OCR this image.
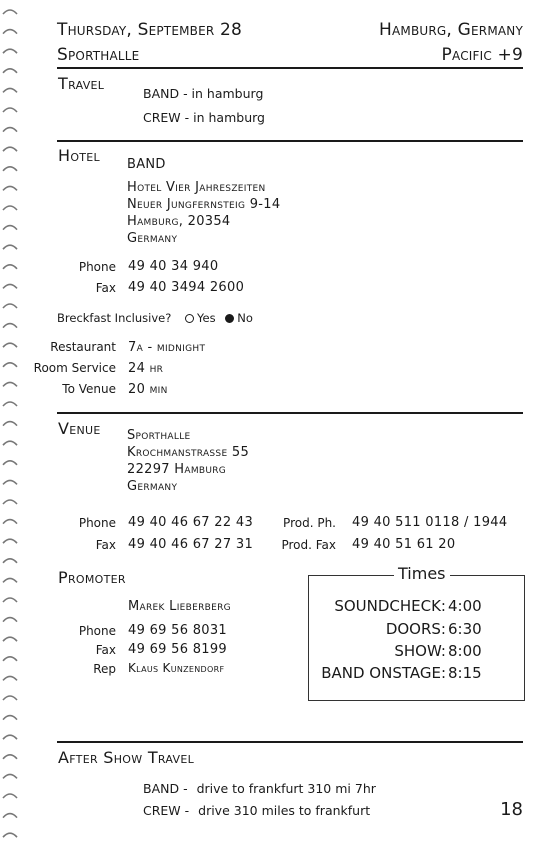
Thursday, September 28	Hamburg, Germany
Sporthalle	Pacific +9
Travel
BAND - in hamburg
CREW - in hamburg
Hotel BAND
Hotel Vier Jahreszeiten
Neuer Jungfernsteig 9-14
Hamburg, 20354
Germany
Phone 49 40 34 940
Fax 49 40 3494 2600
Breckfast Inclusive? Yes No
Restaurant 7a - midnight
Room Service 24 hr
To Venue 20 min
Venue Sporthalle
Krochmanstrasse 55
22297 Hamburg
Germany
Phone 49 40 46 67 22 43
Fax 49 40 46 67 27 31
Prod. Ph. 49 40 511 0118 / 1944
Prod. Fax 49 40 51 61 20
Promoter
Marek Lieberberg
Phone 49 69 56 8031
Fax 49 69 56 8199
Rep Klaus Kunzendorf
Times
SOUNDCHECK: 4:00
DOORS: 6:30
SHOW: 8:00
BAND ONSTAGE: 8:15
After Show Travel
BAND - drive to frankfurt 310 mi 7hr
CREW - drive 310 miles to frankfurt	18
